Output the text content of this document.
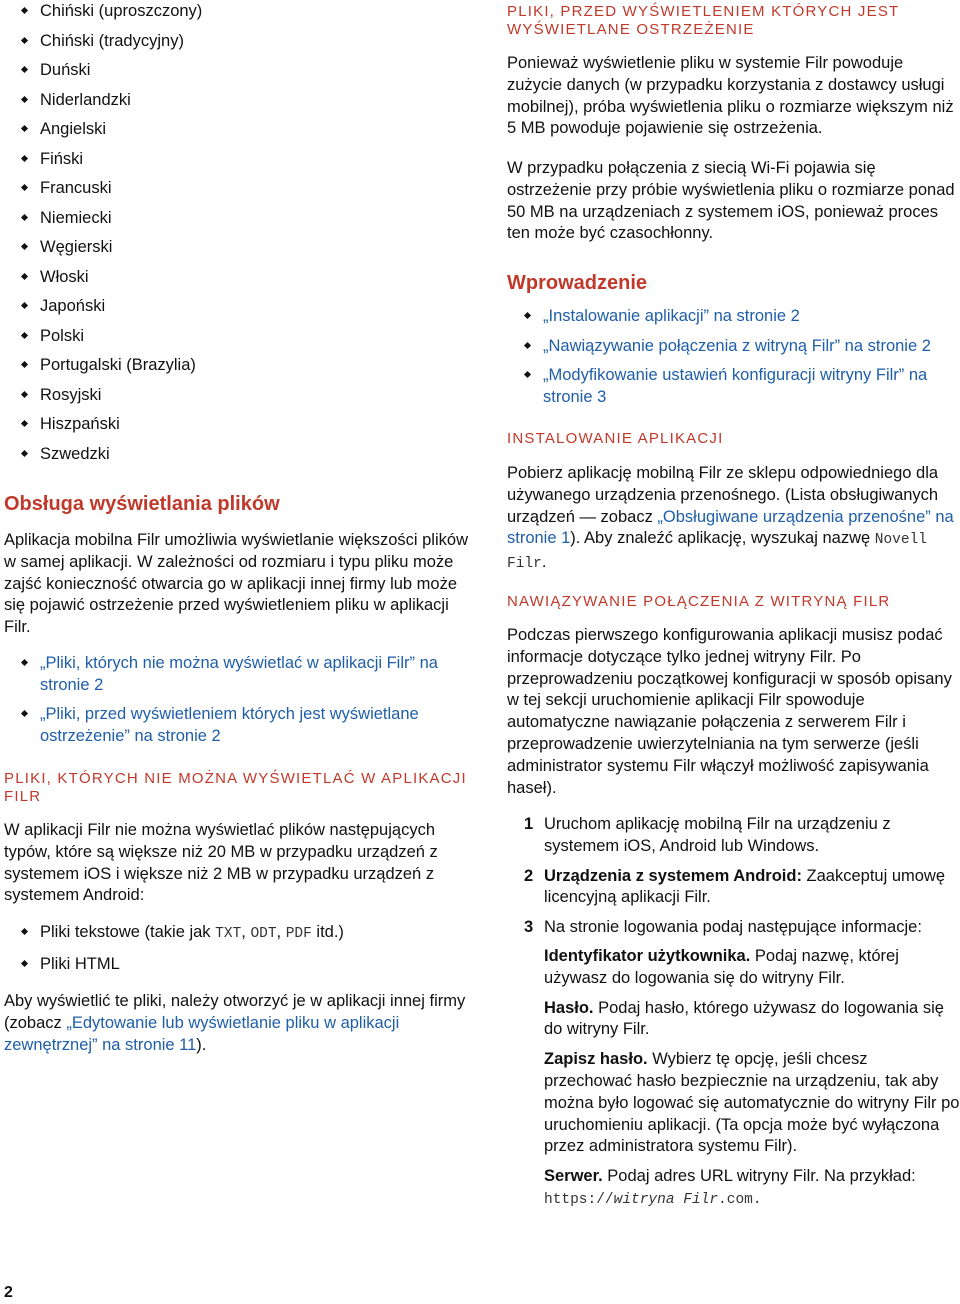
Chiński (uproszczony)
Chiński (tradycyjny)
Duński
Niderlandzki
Angielski
Fiński
Francuski
Niemiecki
Węgierski
Włoski
Japoński
Polski
Portugalski (Brazylia)
Rosyjski
Hiszpański
Szwedzki
Obsługa wyświetlania plików

Aplikacja mobilna Filr umożliwia wyświetlanie większości plików w samej aplikacji. W zależności od rozmiaru i typu pliku może zajść konieczność otwarcia go w aplikacji innej firmy lub może się pojawić ostrzeżenie przed wyświetleniem pliku w aplikacji Filr.

„Pliki, których nie można wyświetlać w aplikacji Filr” na stronie 2
„Pliki, przed wyświetleniem których jest wyświetlane ostrzeżenie” na stronie 2
PLIKI, KTÓRYCH NIE MOŻNA WYŚWIETLAĆ W APLIKACJI
FILR

W aplikacji Filr nie można wyświetlać plików następujących typów, które są większe niż 20 MB w przypadku urządzeń z systemem iOS i większe niż 2 MB w przypadku urządzeń z systemem Android:

Pliki tekstowe (takie jak TXT, ODT, PDF itd.)
Pliki HTML

Aby wyświetlić te pliki, należy otworzyć je w aplikacji innej firmy (zobacz „Edytowanie lub wyświetlanie pliku w aplikacji zewnętrznej” na stronie 11).

PLIKI, PRZED WYŚWIETLENIEM KTÓRYCH JEST WYŚWIETLANE OSTRZEŻENIE

Ponieważ wyświetlenie pliku w systemie Filr powoduje zużycie danych (w przypadku korzystania z dostawcy usługi mobilnej), próba wyświetlenia pliku o rozmiarze większym niż 5 MB powoduje pojawienie się ostrzeżenia.

W przypadku połączenia z siecią Wi-Fi pojawia się ostrzeżenie przy próbie wyświetlenia pliku o rozmiarze ponad 50 MB na urządzeniach z systemem iOS, ponieważ proces ten może być czasochłonny.

Wprowadzenie
„Instalowanie aplikacji” na stronie 2
„Nawiązywanie połączenia z witryną Filr” na stronie 2
„Modyfikowanie ustawień konfiguracji witryny Filr” na stronie 3
INSTALOWANIE APLIKACJI

Pobierz aplikację mobilną Filr ze sklepu odpowiedniego dla używanego urządzenia przenośnego. (Lista obsługiwanych urządzeń — zobacz „Obsługiwane urządzenia przenośne” na stronie 1). Aby znaleźć aplikację, wyszukaj nazwę Novell Filr.

NAWIĄZYWANIE POŁĄCZENIA Z WITRYNĄ FILR

Podczas pierwszego konfigurowania aplikacji musisz podać informacje dotyczące tylko jednej witryny Filr. Po przeprowadzeniu początkowej konfiguracji w sposób opisany w tej sekcji uruchomienie aplikacji Filr spowoduje automatyczne nawiązanie połączenia z serwerem Filr i przeprowadzenie uwierzytelniania na tym serwerze (jeśli administrator systemu Filr włączył możliwość zapisywania haseł).

1 Uruchom aplikację mobilną Filr na urządzeniu z systemem iOS, Android lub Windows.
2 Urządzenia z systemem Android: Zaakceptuj umowę licencyjną aplikacji Filr.
3 Na stronie logowania podaj następujące informacje:
Identyfikator użytkownika. Podaj nazwę, której używasz do logowania się do witryny Filr.
Hasło. Podaj hasło, którego używasz do logowania się do witryny Filr.
Zapisz hasło. Wybierz tę opcję, jeśli chcesz przechować hasło bezpiecznie na urządzeniu, tak aby można było logować się automatycznie do witryny Filr po uruchomieniu aplikacji. (Ta opcja może być wyłączona przez administratora systemu Filr).
Serwer. Podaj adres URL witryny Filr. Na przykład:
https://witryna Filr.com.
2
